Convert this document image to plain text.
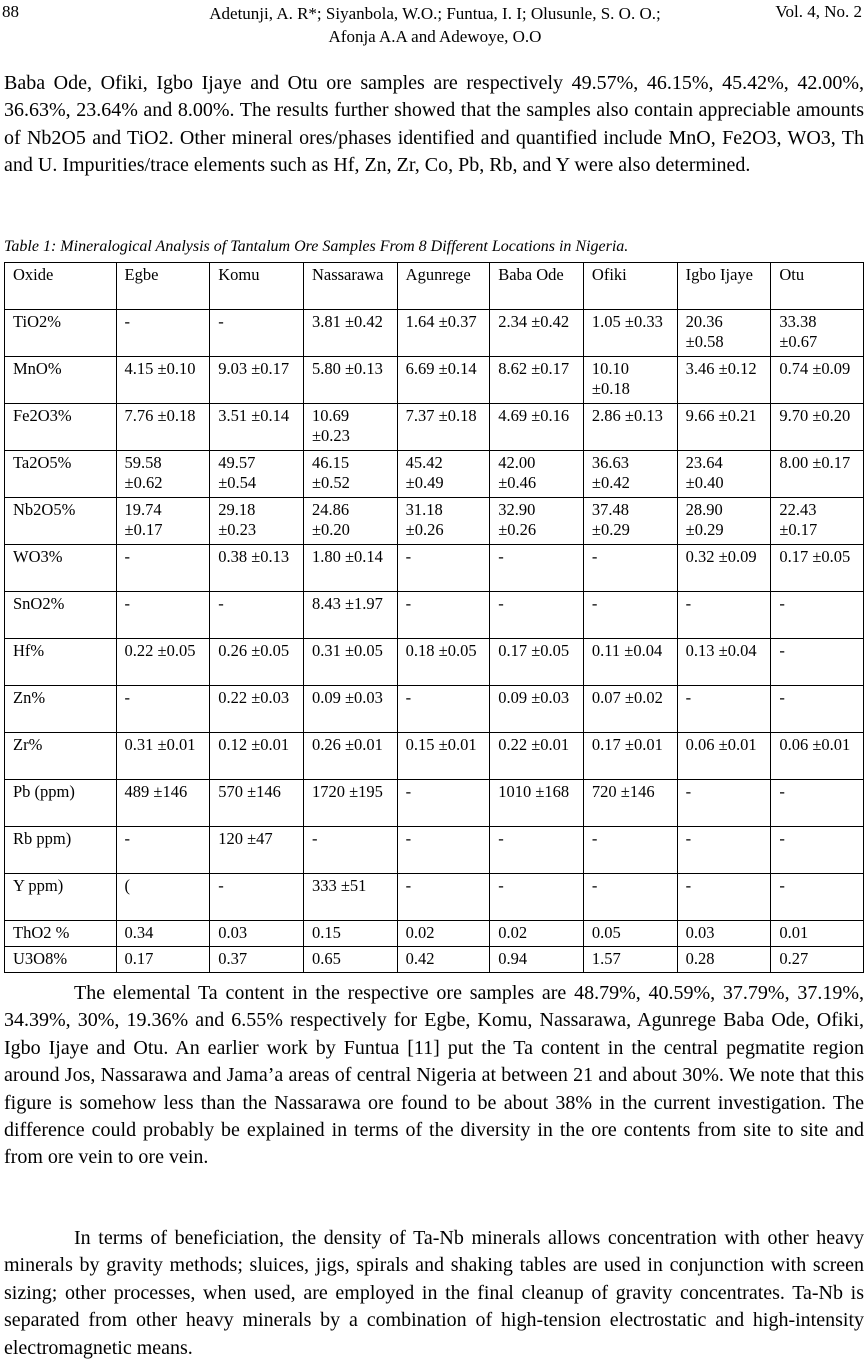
88	Adetunji, A. R*; Siyanbola, W.O.; Funtua, I. I; Olusunle, S. O. O.;
Afonja A.A and Adewoye, O.O
Vol. 4, No. 2

Baba Ode, Ofiki, Igbo Ijaye and Otu ore samples are respectively 49.57%, 46.15%, 45.42%, 42.00%, 36.63%, 23.64% and 8.00%. The results further showed that the samples also contain appreciable amounts of Nb2O5 and TiO2. Other mineral ores/phases identified and quantified include MnO, Fe2O3, WO3, Th and U. Impurities/trace elements such as Hf, Zn, Zr, Co, Pb, Rb, and Y were also determined.

Table 1: Mineralogical Analysis of Tantalum Ore Samples From 8 Different Locations in Nigeria.
Oxide	Egbe	Komu	Nassarawa	Agunrege	Baba Ode	Ofiki	Igbo Ijaye	Otu
TiO2%	-	-	3.81 ±0.42	1.64 ±0.37	2.34 ±0.42	1.05 ±0.33	20.36 ±0.58	33.38 ±0.67
MnO%	4.15 ±0.10	9.03 ±0.17	5.80 ±0.13	6.69 ±0.14	8.62 ±0.17	10.10 ±0.18	3.46 ±0.12	0.74 ±0.09
Fe2O3%	7.76 ±0.18	3.51 ±0.14	10.69 ±0.23	7.37 ±0.18	4.69 ±0.16	2.86 ±0.13	9.66 ±0.21	9.70 ±0.20
Ta2O5%	59.58 ±0.62	49.57 ±0.54	46.15 ±0.52	45.42 ±0.49	42.00 ±0.46	36.63 ±0.42	23.64 ±0.40	8.00 ±0.17
Nb2O5%	19.74 ±0.17	29.18 ±0.23	24.86 ±0.20	31.18 ±0.26	32.90 ±0.26	37.48 ±0.29	28.90 ±0.29	22.43 ±0.17
WO3%	-	0.38 ±0.13	1.80 ±0.14	-	-	-	0.32 ±0.09	0.17 ±0.05
SnO2%	-	-	8.43 ±1.97	-	-	-	-	-
Hf%	0.22 ±0.05	0.26 ±0.05	0.31 ±0.05	0.18 ±0.05	0.17 ±0.05	0.11 ±0.04	0.13 ±0.04	-
Zn%	-	0.22 ±0.03	0.09 ±0.03	-	0.09 ±0.03	0.07 ±0.02	-	-
Zr%	0.31 ±0.01	0.12 ±0.01	0.26 ±0.01	0.15 ±0.01	0.22 ±0.01	0.17 ±0.01	0.06 ±0.01	0.06 ±0.01
Pb (ppm)	489 ±146	570 ±146	1720 ±195	-	1010 ±168	720 ±146	-	-
Rb ppm)	-	120 ±47	-	-	-	-	-	-
Y ppm)	(	-	333 ±51	-	-	-	-	-
ThO2 %	0.34	0.03	0.15	0.02	0.02	0.05	0.03	0.01
U3O8%	0.17	0.37	0.65	0.42	0.94	1.57	0.28	0.27

The elemental Ta content in the respective ore samples are 48.79%, 40.59%, 37.79%, 37.19%, 34.39%, 30%, 19.36% and 6.55% respectively for Egbe, Komu, Nassarawa, Agunrege Baba Ode, Ofiki, Igbo Ijaye and Otu. An earlier work by Funtua [11] put the Ta content in the central pegmatite region around Jos, Nassarawa and Jama’a areas of central Nigeria at between 21 and about 30%. We note that this figure is somehow less than the Nassarawa ore found to be about 38% in the current investigation. The difference could probably be explained in terms of the diversity in the ore contents from site to site and from ore vein to ore vein.

In terms of beneficiation, the density of Ta-Nb minerals allows concentration with other heavy minerals by gravity methods; sluices, jigs, spirals and shaking tables are used in conjunction with screen sizing; other processes, when used, are employed in the final cleanup of gravity concentrates. Ta-Nb is separated from other heavy minerals by a combination of high-tension electrostatic and high-intensity electromagnetic means.
